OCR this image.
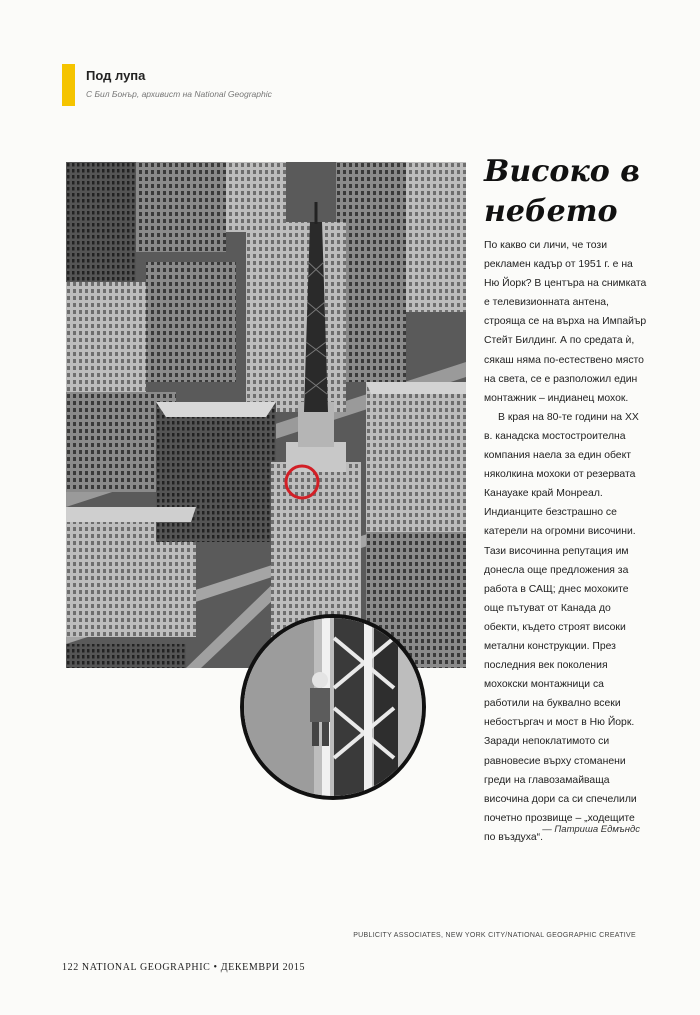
Под лупа
С Бил Бонър, архивист на National Geographic
Високо в
небето

По какво си личи, че този рекламен кадър от 1951 г. е на Ню Йорк? В центъра на снимката е телевизионната антена, строяща се на върха на Импайър Стейт Билдинг. А по средата ѝ, сякаш няма по-естествено място на света, се е разположил един монтажник – индианец мохок.

В края на 80-те години на XX в. канадска мостостроителна компания наела за един обект няколкина мохоки от резервата Канауаке край Монреал. Индианците безстрашно се катерели на огромни височини. Тази височинна репутация им донесла още предложения за работа в САЩ; днес мохоките още пътуват от Канада до обекти, където строят високи метални конструкции. През последния век поколения мохокски монтажници са работили на буквално всеки небостъргач и мост в Ню Йорк. Заради непоклатимото си равновесие върху стоманени греди на главозамайваща височина дори са си спечелили почетно прозвище – „ходещите по въздуха“.

— Патриша Едмъндс
PUBLICITY ASSOCIATES, NEW YORK CITY/NATIONAL GEOGRAPHIC CREATIVE
122 NATIONAL GEOGRAPHIC • ДЕКЕМВРИ 2015
